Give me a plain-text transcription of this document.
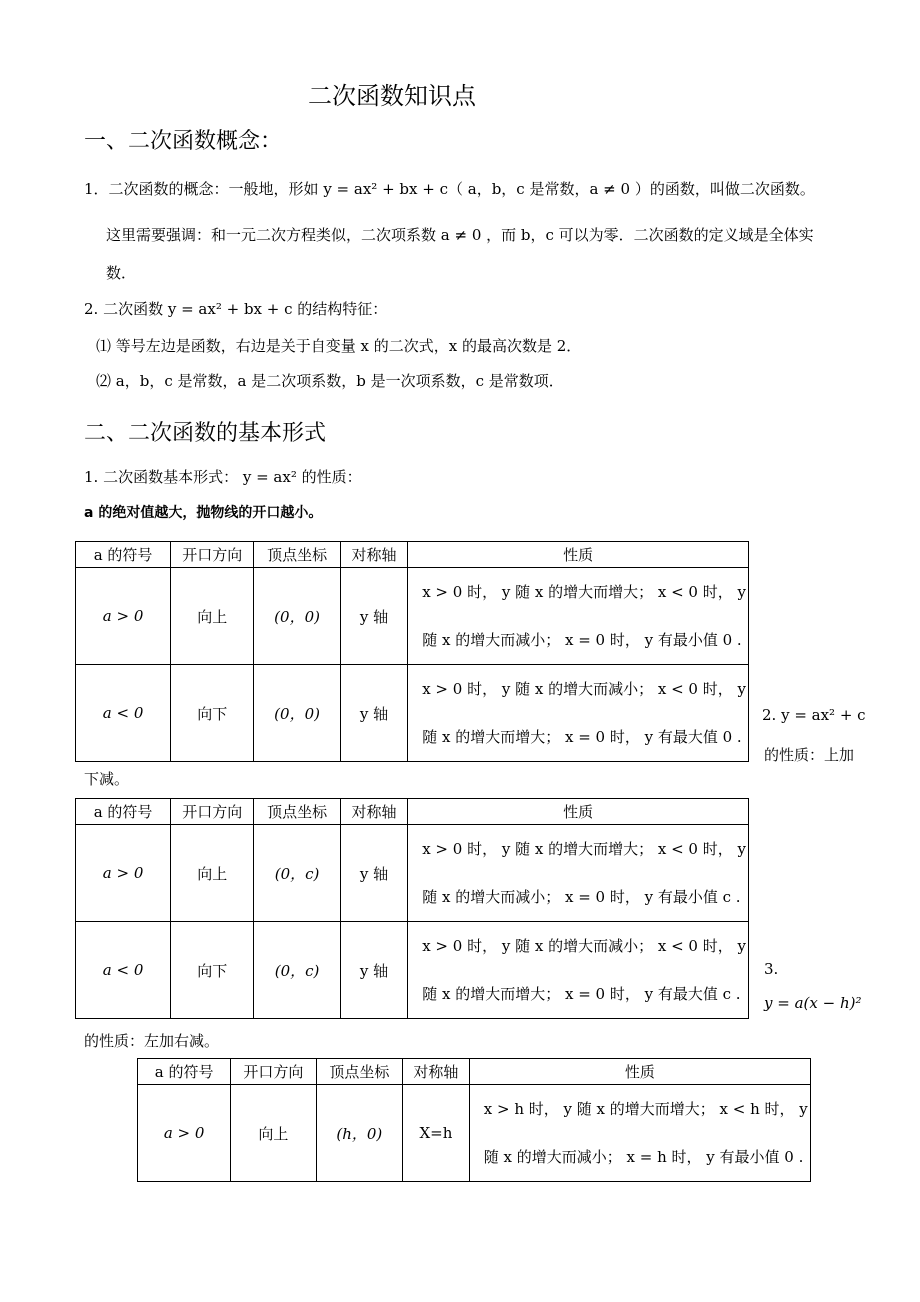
二次函数知识点
一、二次函数概念：
1．二次函数的概念：一般地，形如 y = ax² + bx + c（ a，b，c 是常数，a ≠ 0 ）的函数，叫做二次函数。
这里需要强调：和一元二次方程类似，二次项系数 a ≠ 0 ，而 b，c 可以为零．二次函数的定义域是全体实
数．
2. 二次函数 y = ax² + bx + c 的结构特征：
⑴ 等号左边是函数，右边是关于自变量 x 的二次式，x 的最高次数是 2．
⑵ a，b，c 是常数，a 是二次项系数，b 是一次项系数，c 是常数项．
二、二次函数的基本形式
1. 二次函数基本形式： y = ax² 的性质：
a 的绝对值越大，抛物线的开口越小。
a 的符号	开口方向	顶点坐标	对称轴	性质
a > 0	向上	(0，0)	y 轴	x > 0 时， y 随 x 的增大而增大； x < 0 时， y
随 x 的增大而减小； x = 0 时， y 有最小值 0 .

a < 0	向下	(0，0)	y 轴	x > 0 时， y 随 x 的增大而减小； x < 0 时， y
随 x 的增大而增大； x = 0 时， y 有最大值 0 .
2. y = ax² + c
的性质：上加
下减。
a 的符号	开口方向	顶点坐标	对称轴	性质
a > 0	向上	(0，c)	y 轴	x > 0 时， y 随 x 的增大而增大； x < 0 时， y
随 x 的增大而减小； x = 0 时， y 有最小值 c .

a < 0	向下	(0，c)	y 轴	x > 0 时， y 随 x 的增大而减小； x < 0 时， y
随 x 的增大而增大； x = 0 时， y 有最大值 c .
3.
y = a(x − h)²
的性质：左加右减。
a 的符号	开口方向	顶点坐标	对称轴	性质
a > 0	向上	(h，0)	X=h	x > h 时， y 随 x 的增大而增大； x < h 时， y
随 x 的增大而减小； x = h 时， y 有最小值 0 .
